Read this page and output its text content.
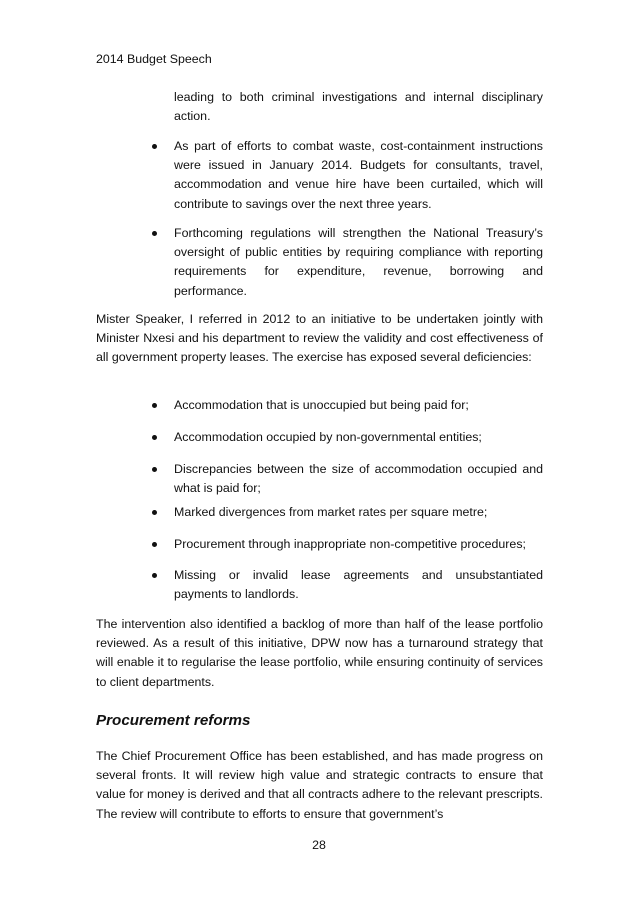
2014 Budget Speech
leading to both criminal investigations and internal disciplinary action.
As part of efforts to combat waste, cost-containment instructions were issued in January 2014. Budgets for consultants, travel, accommodation and venue hire have been curtailed, which will contribute to savings over the next three years.
Forthcoming regulations will strengthen the National Treasury’s oversight of public entities by requiring compliance with reporting requirements for expenditure, revenue, borrowing and performance.
Mister Speaker, I referred in 2012 to an initiative to be undertaken jointly with Minister Nxesi and his department to review the validity and cost effectiveness of all government property leases. The exercise has exposed several deficiencies:
Accommodation that is unoccupied but being paid for;
Accommodation occupied by non-governmental entities;
Discrepancies between the size of accommodation occupied and what is paid for;
Marked divergences from market rates per square metre;
Procurement through inappropriate non-competitive procedures;
Missing or invalid lease agreements and unsubstantiated payments to landlords.
The intervention also identified a backlog of more than half of the lease portfolio reviewed. As a result of this initiative, DPW now has a turnaround strategy that will enable it to regularise the lease portfolio, while ensuring continuity of services to client departments.
Procurement reforms
The Chief Procurement Office has been established, and has made progress on several fronts. It will review high value and strategic contracts to ensure that value for money is derived and that all contracts adhere to the relevant prescripts. The review will contribute to efforts to ensure that government’s
28
